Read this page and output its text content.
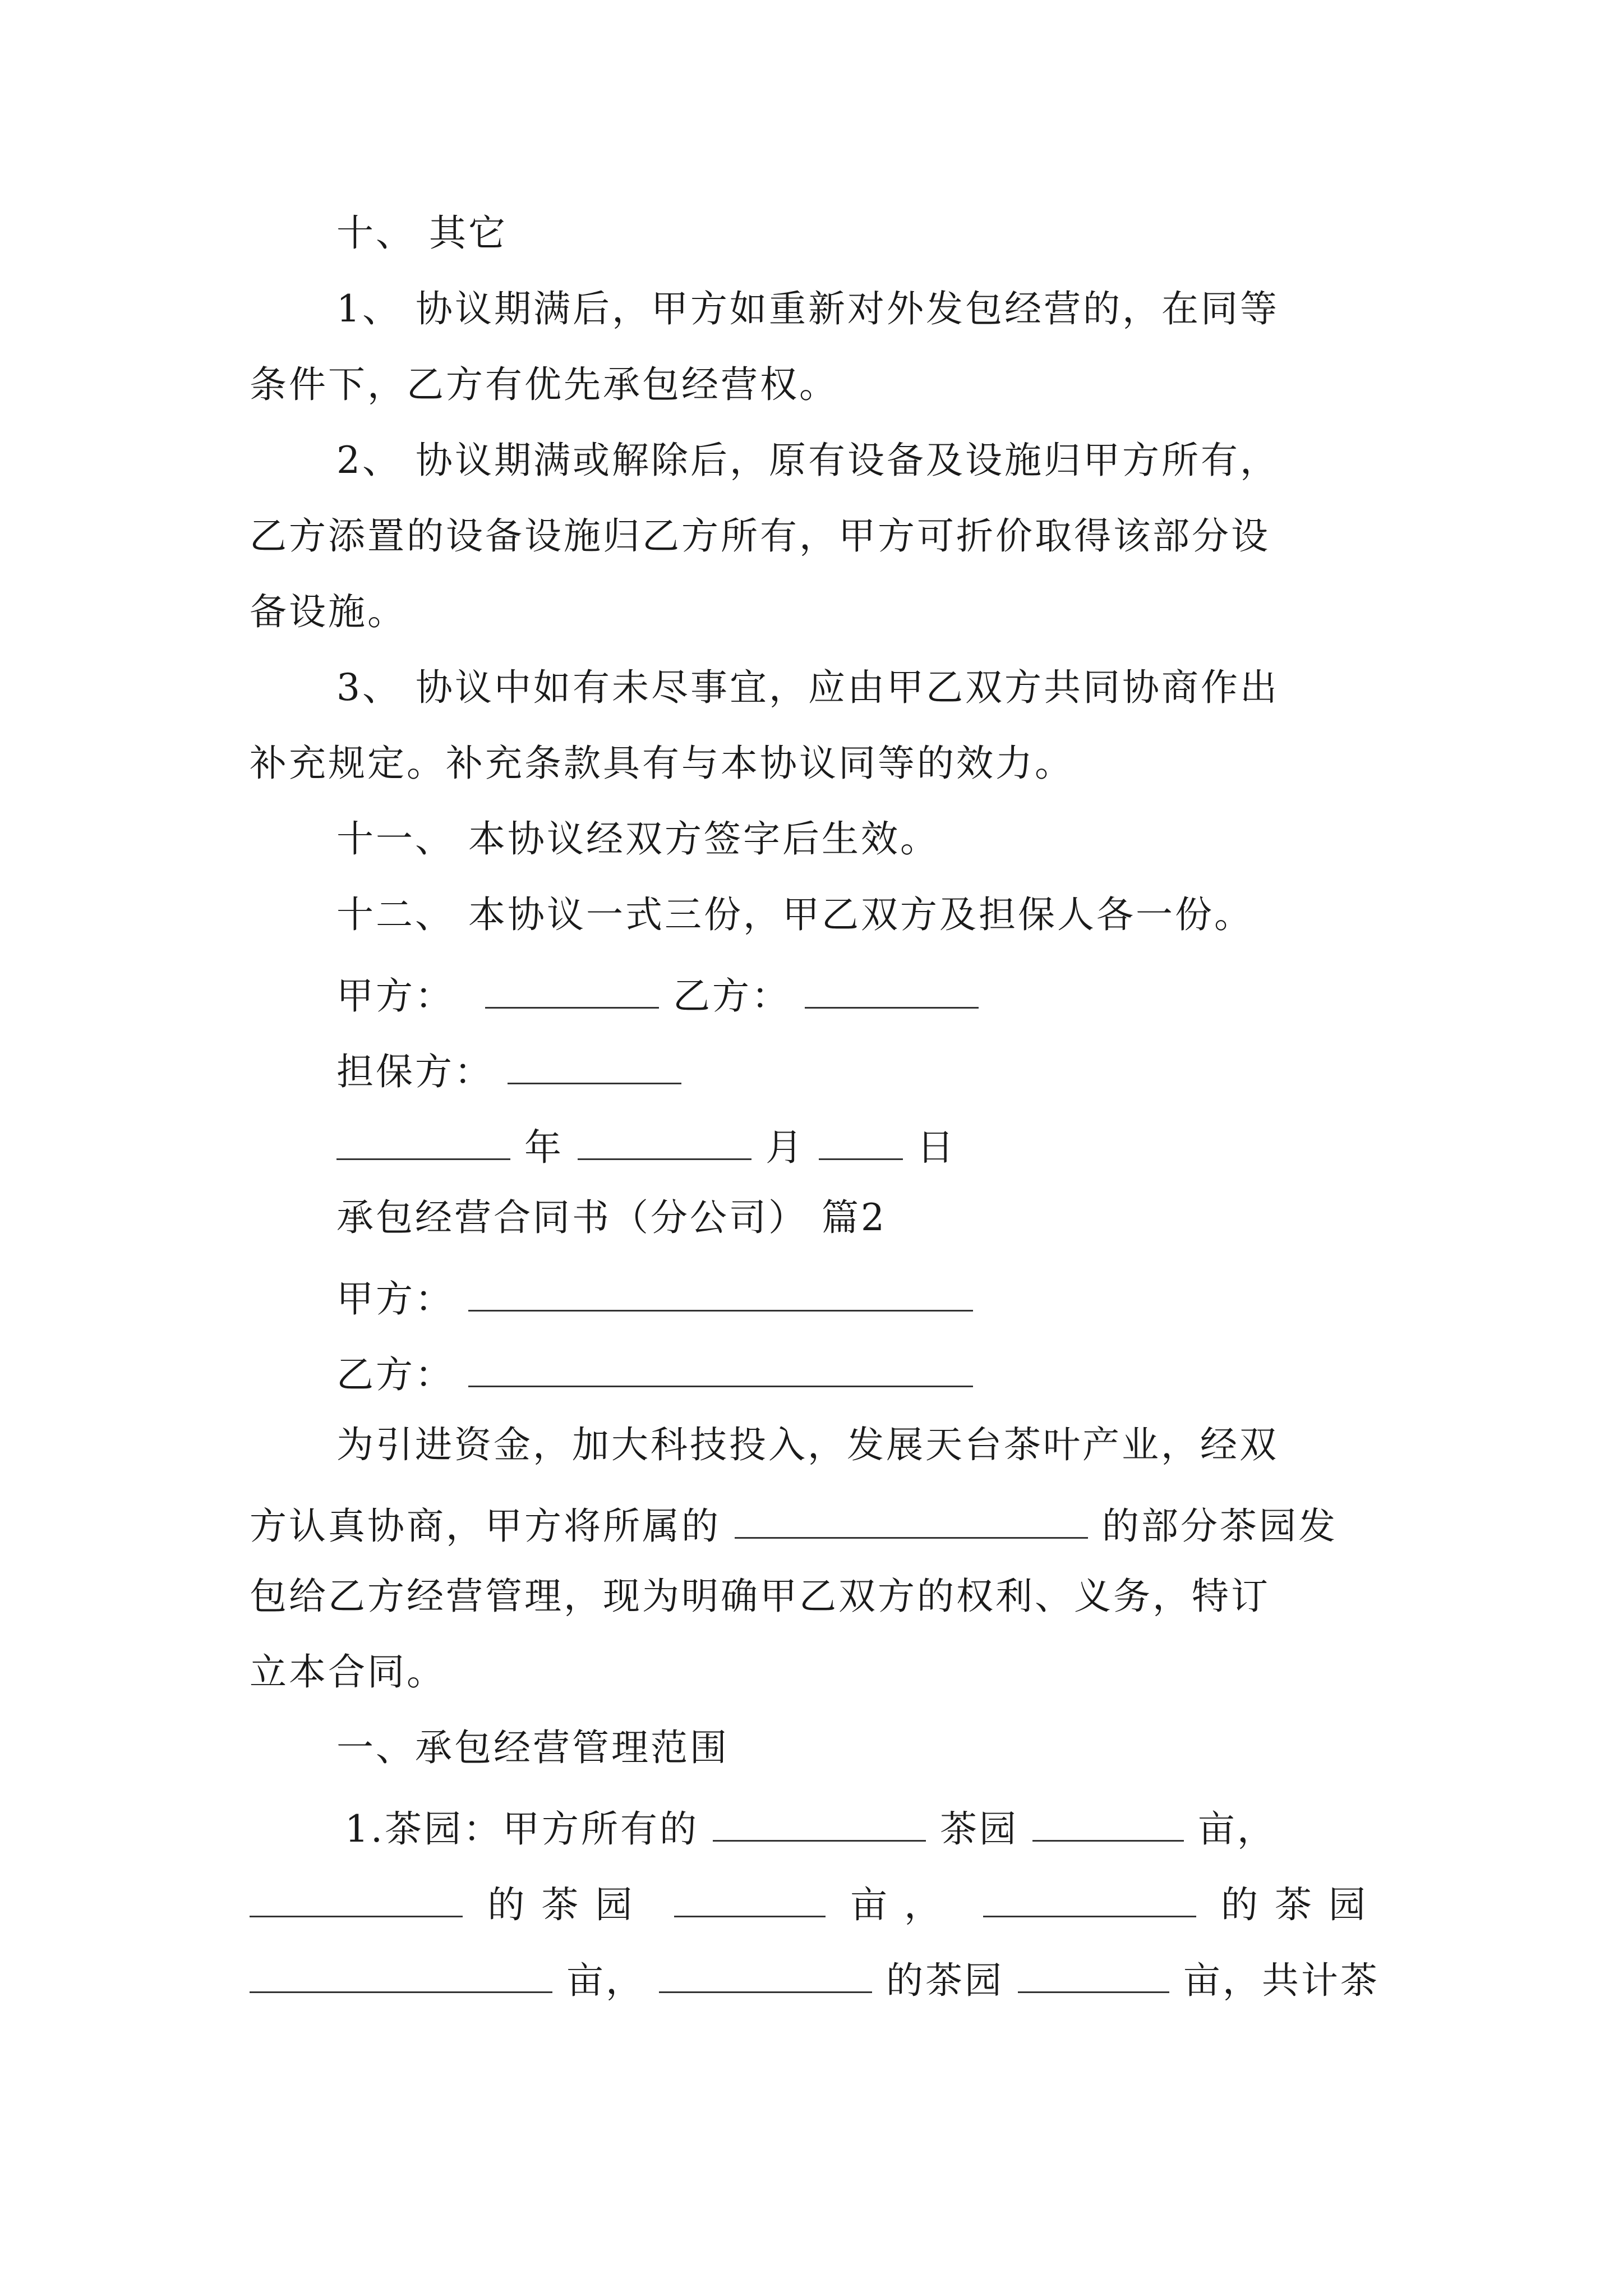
十、 其它
1、 协议期满后，甲方如重新对外发包经营的，在同等
条件下，乙方有优先承包经营权。
2、 协议期满或解除后，原有设备及设施归甲方所有，
乙方添置的设备设施归乙方所有，甲方可折价取得该部分设
备设施。
3、 协议中如有未尽事宜，应由甲乙双方共同协商作出
补充规定。补充条款具有与本协议同等的效力。
十一、 本协议经双方签字后生效。
十二、 本协议一式三份，甲乙双方及担保人各一份。
甲方：	乙方：
担保方：
年	月	日
承包经营合同书（分公司） 篇2
甲方：
乙方：
为引进资金，加大科技投入，发展天台茶叶产业，经双
方认真协商，甲方将所属的	的部分茶园发
包给乙方经营管理，现为明确甲乙双方的权利、义务，特订
立本合同。
一、承包经营管理范围
1.茶园：甲方所有的	茶园	亩，
的茶园	亩，	的茶园
亩，	的茶园	亩，共计茶
